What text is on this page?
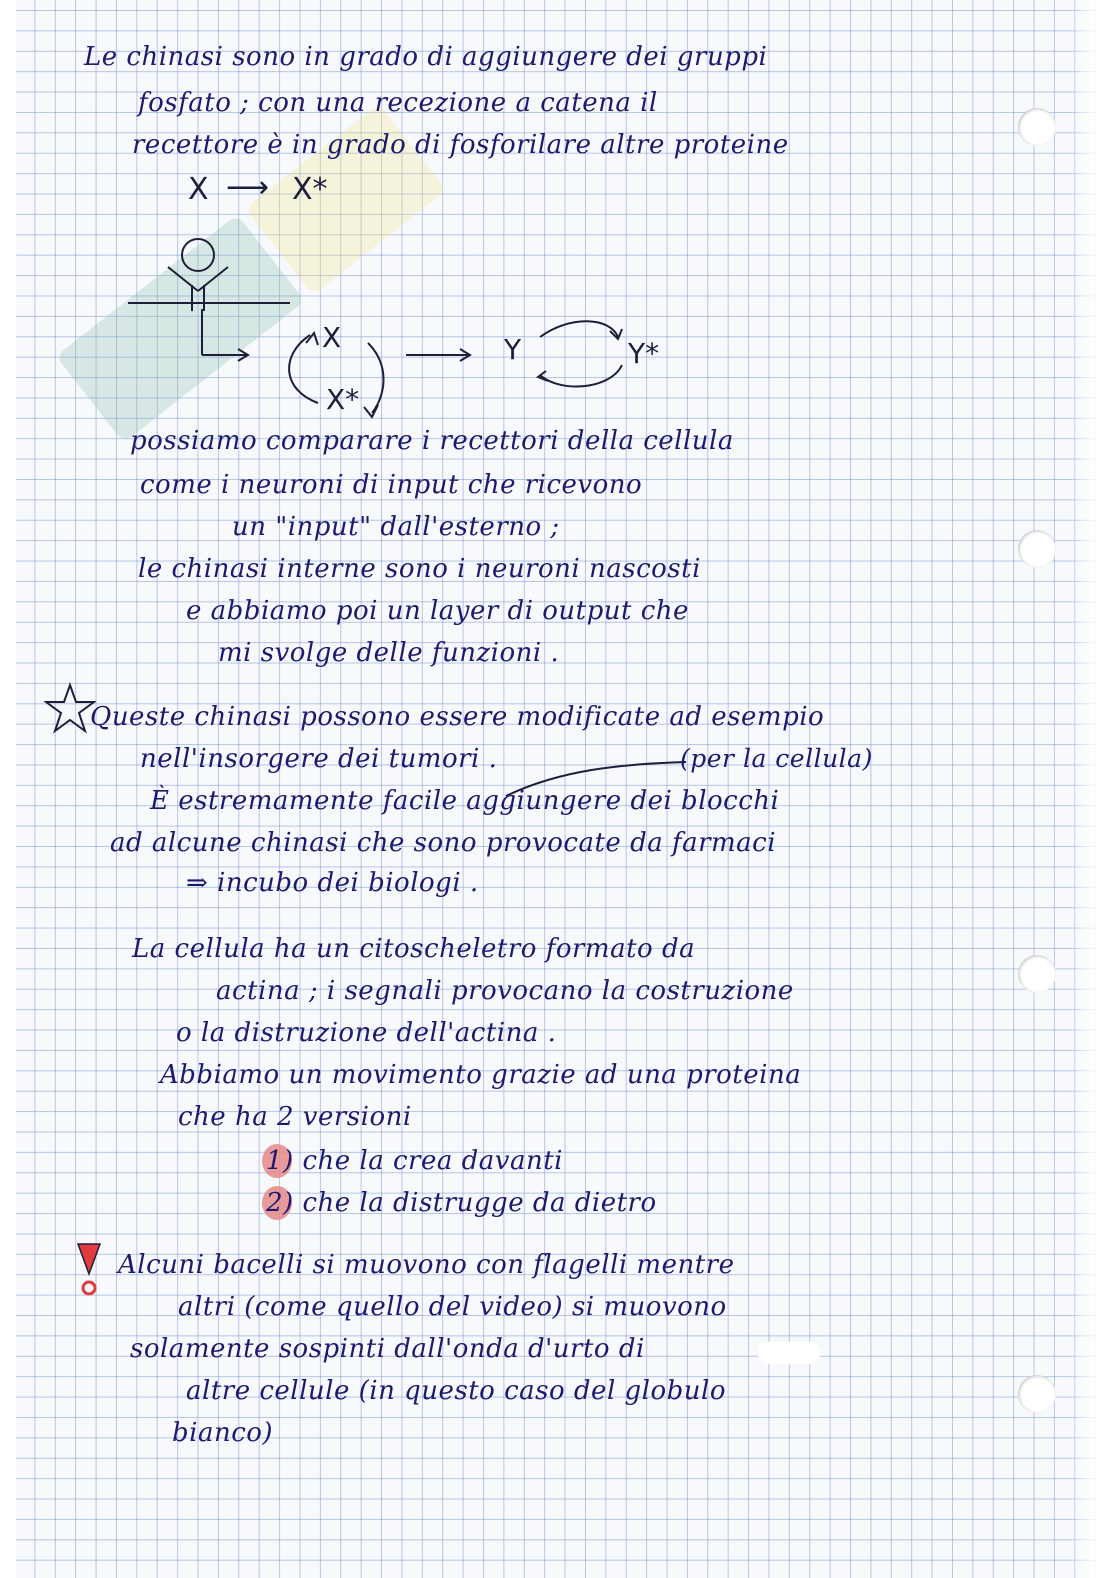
Le chinasi sono in grado di aggiungere dei gruppi
fosfato ; con una recezione a catena il
recettore è in grado di fosforilare altre proteine
X ⟶ X*
X
X*
Y	Y*
possiamo comparare i recettori della cellula
come i neuroni di input che ricevono
un "input" dall'esterno ;
le chinasi interne sono i neuroni nascosti
e abbiamo poi un layer di output che
mi svolge delle funzioni .
Queste chinasi possono essere modificate ad esempio
nell'insorgere dei tumori .	(per la cellula)
È estremamente facile aggiungere dei blocchi
ad alcune chinasi che sono provocate da farmaci
⇒ incubo dei biologi .
La cellula ha un citoscheletro formato da
actina ; i segnali provocano la costruzione
o la distruzione dell'actina .
Abbiamo un movimento grazie ad una proteina
che ha 2 versioni
1) che la crea davanti
2) che la distrugge da dietro
Alcuni bacelli si muovono con flagelli mentre
altri (come quello del video) si muovono
solamente sospinti dall'onda d'urto di
altre cellule (in questo caso del globulo
bianco)
